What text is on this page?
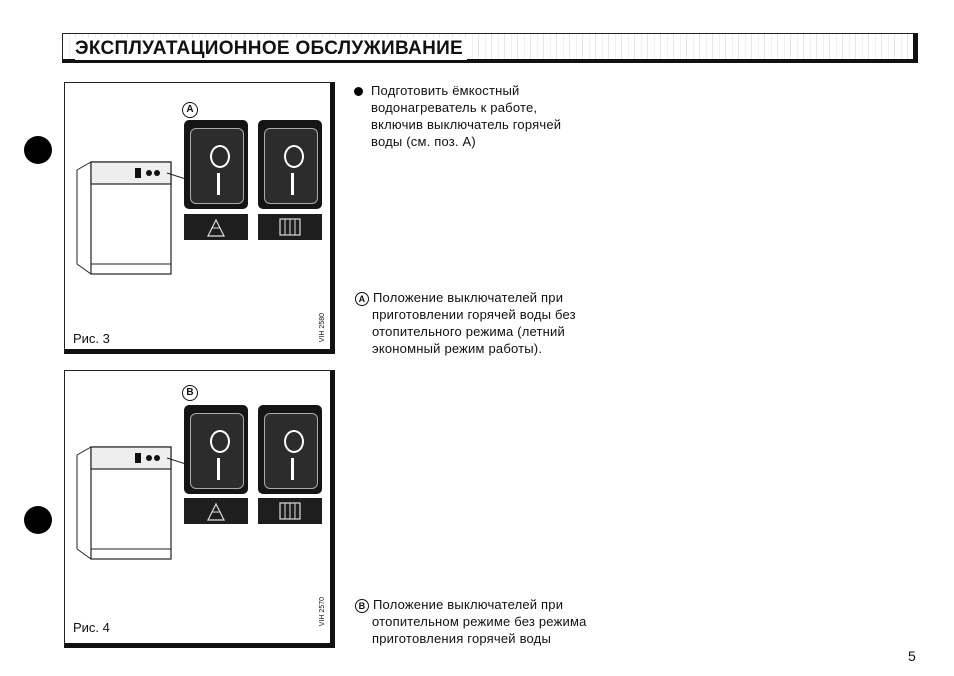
ЭКСПЛУАТАЦИОННОЕ ОБСЛУЖИВАНИЕ
A
Рис. 3	VIH 2580
B
Рис. 4
VIH 2570
Подготовить ёмкостный
водонагреватель к работе,
включив выключатель горячей
воды (см. поз. А)
A Положение выключателей при
приготовлении горячей воды без
отопительного режима (летний
экономный режим работы).
B Положение выключателей при
отопительном режиме без режима
приготовления горячей воды
5
